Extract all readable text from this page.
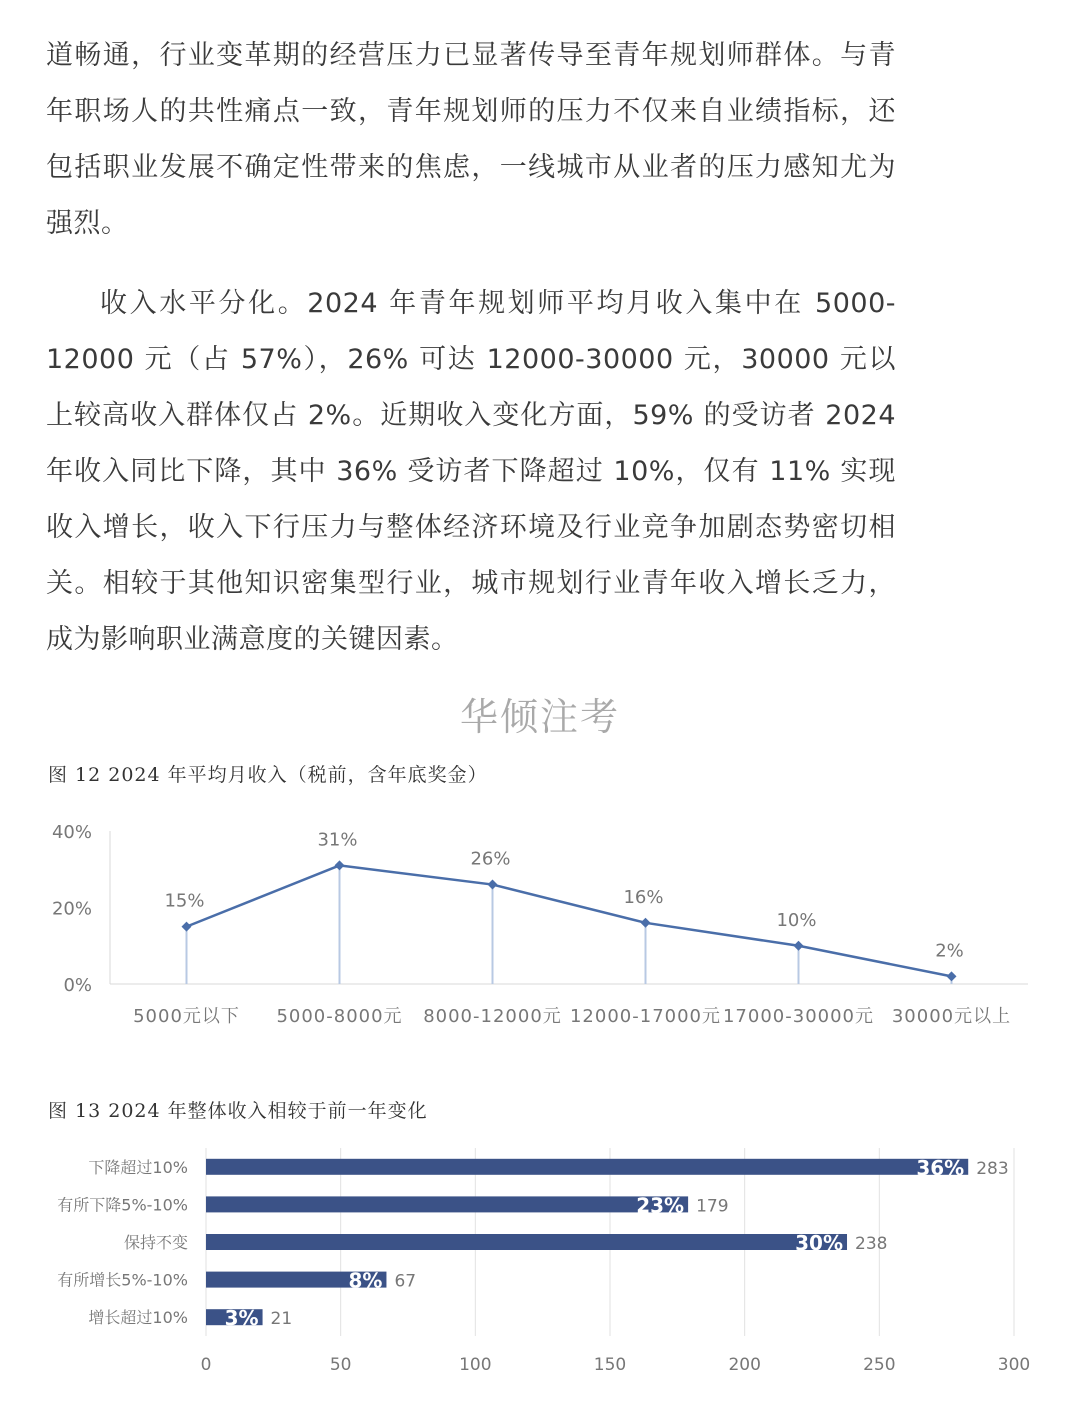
道畅通，行业变革期的经营压力已显著传导至青年规划师群体。与青年职场人的共性痛点一致，青年规划师的压力不仅来自业绩指标，还包括职业发展不确定性带来的焦虑，一线城市从业者的压力感知尤为强烈。

收入水平分化。2024 年青年规划师平均月收入集中在 5000-12000 元（占 57%），26% 可达 12000-30000 元，30000 元以上较高收入群体仅占 2%。近期收入变化方面，59% 的受访者 2024 年收入同比下降，其中 36% 受访者下降超过 10%，仅有 11% 实现收入增长，收入下行压力与整体经济环境及行业竞争加剧态势密切相关。相较于其他知识密集型行业，城市规划行业青年收入增长乏力，成为影响职业满意度的关键因素。

华倾注考
图 12 2024 年平均月收入（税前，含年底奖金）
0%
20%
40%
5000元以下 5000-8000元 8000-12000元 12000-17000元 17000-30000元 30000元以上
15%
31%
26%
16%
10%
2%
图 13 2024 年整体收入相较于前一年变化
0	50	100	150	200	250	300
下降超过10%	36% 283
有所下降5%-10%	23% 179
保持不变	30% 238
有所增长5%-10%	8% 67
增长超过10% 3% 21
